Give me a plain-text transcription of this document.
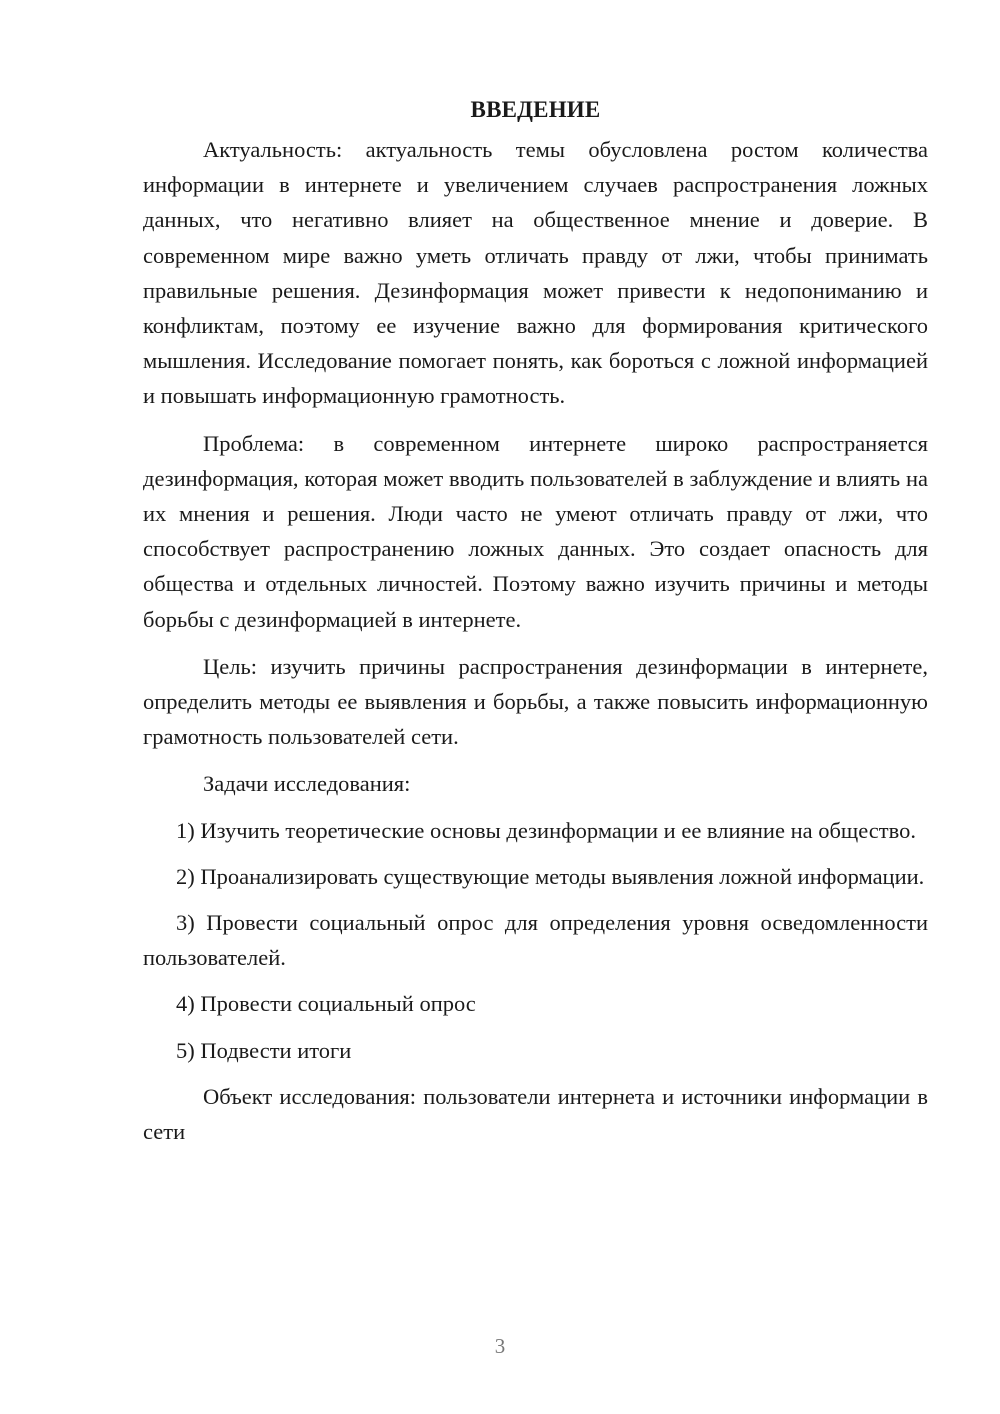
ВВЕДЕНИЕ

Актуальность: актуальность темы обусловлена ростом количества информации в интернете и увеличением случаев распространения ложных данных, что негативно влияет на общественное мнение и доверие. В современном мире важно уметь отличать правду от лжи, чтобы принимать правильные решения. Дезинформация может привести к недопониманию и конфликтам, поэтому ее изучение важно для формирования критического мышления. Исследование помогает понять, как бороться с ложной информацией и повышать информационную грамотность.

Проблема: в современном интернете широко распространяется дезинформация, которая может вводить пользователей в заблуждение и влиять на их мнения и решения. Люди часто не умеют отличать правду от лжи, что способствует распространению ложных данных. Это создает опасность для общества и отдельных личностей. Поэтому важно изучить причины и методы борьбы с дезинформацией в интернете.

Цель: изучить причины распространения дезинформации в интернете, определить методы ее выявления и борьбы, а также повысить информационную грамотность пользователей сети.

Задачи исследования:

1) Изучить теоретические основы дезинформации и ее влияние на общество.

2) Проанализировать существующие методы выявления ложной информации.

3) Провести социальный опрос для определения уровня осведомленности пользователей.

4) Провести социальный опрос

5) Подвести итоги

Объект исследования: пользователи интернета и источники информации в сети

3
